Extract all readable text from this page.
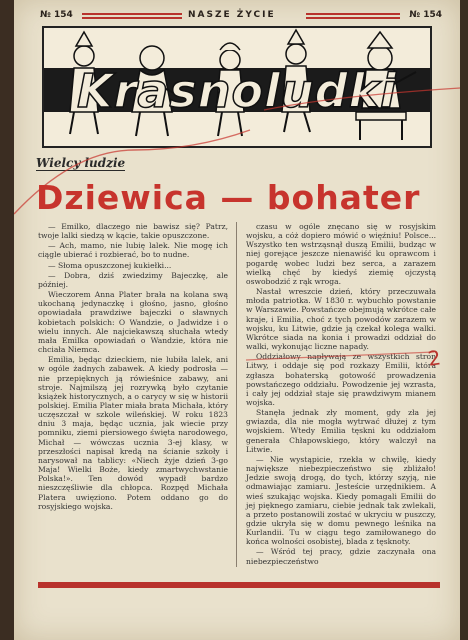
№ 154	NASZE ŻYCIE	№ 154
Krasnoludki
Wielcy ludzie
Dziewica — bohater

— Emilko, dlaczego nie bawisz się? Patrz, twoje lalki siedzą w kącie, takie opuszczone.

— Ach, mamo, nie lubię lalek. Nie mogę ich ciągle ubierać i rozbierać, bo to nudne.

— Słoma opuszczonej kukiełki...

— Dobra, dziś zwiedzimy Bajeczkę, ale później.

Wieczorem Anna Plater brała na kolana swą ukochaną jedynaczkę i głośno, jasno, głośno opowiadała prawdziwe bajeczki o sławnych kobietach polskich: O Wandzie, o Jadwidze i o wielu innych. Ale najciekawszą słuchała wtedy mała Emilka opowiadań o Wandzie, która nie chciała Niemca.

Emilia, będąc dzieckiem, nie lubiła lalek, ani w ogóle żadnych zabawek. A kiedy podrosła — nie przepięknych ją rówieśnice zabawy, ani stroje. Najmilszą jej rozrywką było czytanie książek historycznych, a o carycy w się w historii polskiej. Emilia Plater miała brata Michała, który uczęszczał w szkole wileńskiej. W roku 1823 dniu 3 maja, będąc ucznia, jak wiecie przy pomniku, ziemi piersiowego święta narodowego, Michał — wówczas ucznia 3-ej klasy, w przeszłości napisał kredą na ścianie szkoły i narysował na tablicy: «Niech żyje dzień 3-go Maja! Wielki Boże, kiedy zmartwychwstanie Polska!». Ten dowód wypadł bardzo nieszczęśliwie dla chłopca. Rozpęd Michała Platera uwięziono. Potem oddano go do rosyjskiego wojska.

czasu w ogóle znęcano się w rosyjskim wojsku, a cóż dopiero mówić o więźniu! Polsce... Wszystko ten wstrząsnął duszą Emilii, budząc w niej gorejące jeszcze nienawiść ku oprawcom i pogardę wobec ludzi bez serca, a zarazem wielką chęć by kiedyś ziemię ojczystą oswobodzić z rąk wroga.

Nastał wreszcie dzień, który przeczuwała młoda patriotka. W 1830 r. wybuchło powstanie w Warszawie. Powstańcze obejmują wkrótce całe kraje, i Emilia, choć z tych powodów zarazem w wojsku, ku Litwie, gdzie ją czekał kolega walki. Wkrótce siada na konia i prowadzi oddział do walki, wykonując liczne napady.

Oddziałowy napływają ze wszystkich stron Litwy, i oddaje się pod rozkazy Emilii, która zgłasza bohaterską gotowość prowadzenia powstańczego oddziału. Powodzenie jej wzrasta, i cały jej oddział staje się prawdziwym mianem wojska.

Stanęła jednak zły moment, gdy zła jej gwiazda, dla nie mogła wytrwać dłużej z tym wojskiem. Wtedy Emilia tęskni ku oddziałom generała Chłapowskiego, który walczył na Litwie.

— Nie wystąpicie, rzekła w chwilę, kiedy największe niebezpieczeństwo się zbliżało! Jedzie swoją drogą, do tych, którzy szyją, nie odmawiając zamiaru. Jesteście urzędnikiem. A wieś szukając wojska. Kiedy pomagali Emilii do jej pięknego zamiaru, ciebie jednak tak zwlekali, a przeto postanowili zostać w ukryciu w puszczy, gdzie ukryła się w domu pewnego leśnika na Kurlandii. Tu w ciągu tego zamiłowanego do końca wolności osobistej, blada z tęsknoty.

— Wśród tej pracy, gdzie zaczynała ona niebezpieczeństwo

2
